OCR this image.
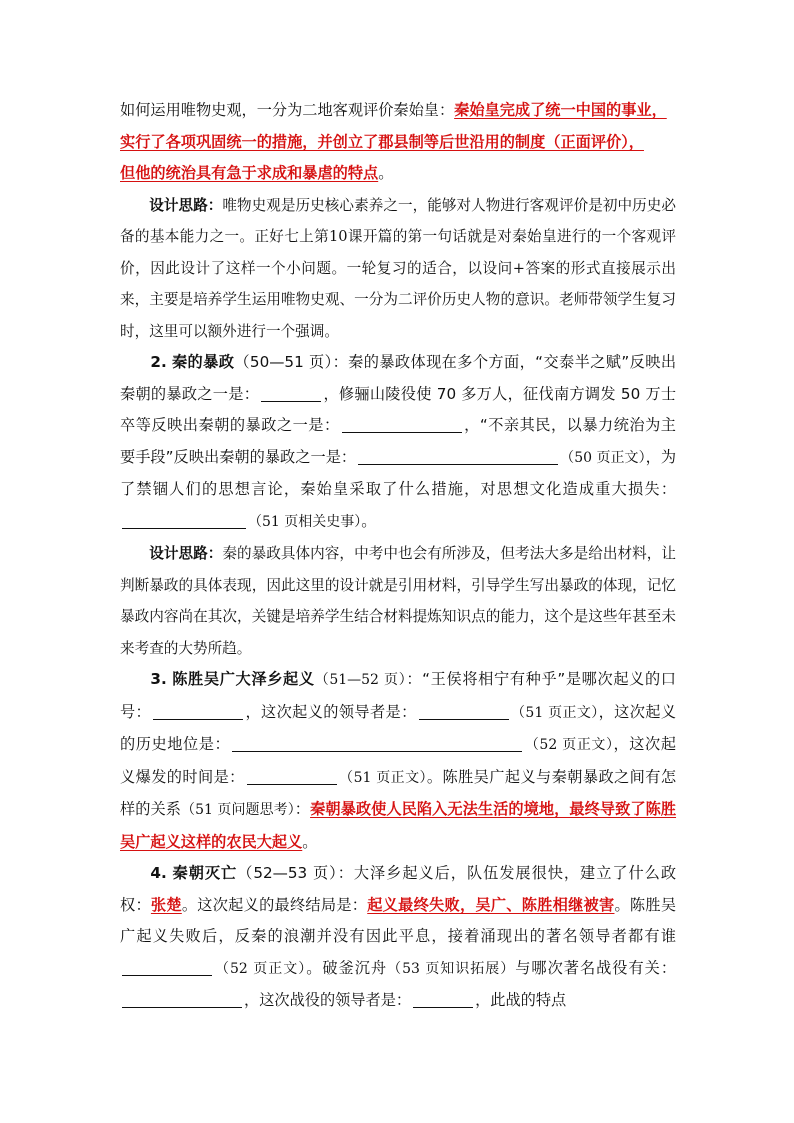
如何运用唯物史观，一分为二地客观评价秦始皇：秦始皇完成了统一中国的事业，
实行了各项巩固统一的措施，并创立了郡县制等后世沿用的制度（正面评价），
但他的统治具有急于求成和暴虐的特点。

设计思路：唯物史观是历史核心素养之一，能够对人物进行客观评价是初中历史必备的基本能力之一。正好七上第10课开篇的第一句话就是对秦始皇进行的一个客观评价，因此设计了这样一个小问题。一轮复习的适合，以设问+答案的形式直接展示出来，主要是培养学生运用唯物史观、一分为二评价历史人物的意识。老师带领学生复习时，这里可以额外进行一个强调。

2. 秦的暴政（50—51 页）：秦的暴政体现在多个方面，“交泰半之赋”反映出秦朝的暴政之一是：	，修骊山陵役使 70 多万人，征伐南方调发 50 万士卒等反映出秦朝的暴政之一是：	，“不亲其民，以暴力统治为主要手段”反映出秦朝的暴政之一是：	（50 页正文），为了禁锢人们的思想言论，秦始皇采取了什么措施，对思想文化造成重大损失：（51 页相关史事）。

设计思路：秦的暴政具体内容，中考中也会有所涉及，但考法大多是给出材料，让判断暴政的具体表现，因此这里的设计就是引用材料，引导学生写出暴政的体现，记忆暴政内容尚在其次，关键是培养学生结合材料提炼知识点的能力，这个是这些年甚至未来考查的大势所趋。

3. 陈胜吴广大泽乡起义（51—52 页）：“王侯将相宁有种乎”是哪次起义的口号：	，这次起义的领导者是：	（51 页正文），这次起义的历史地位是：	（52 页正文），这次起义爆发的时间是：	（51 页正文）。陈胜吴广起义与秦朝暴政之间有怎样的关系（51 页问题思考）：秦朝暴政使人民陷入无法生活的境地，最终导致了陈胜吴广起义这样的农民大起义。

4. 秦朝灭亡（52—53 页）：大泽乡起义后，队伍发展很快，建立了什么政权：张楚。这次起义的最终结局是：起义最终失败，吴广、陈胜相继被害。陈胜吴广起义失败后，反秦的浪潮并没有因此平息，接着涌现出的著名领导者都有谁（52 页正文）。破釜沉舟（53 页知识拓展）与哪次著名战役有关：，这次战役的领导者是：	，此战的特点
